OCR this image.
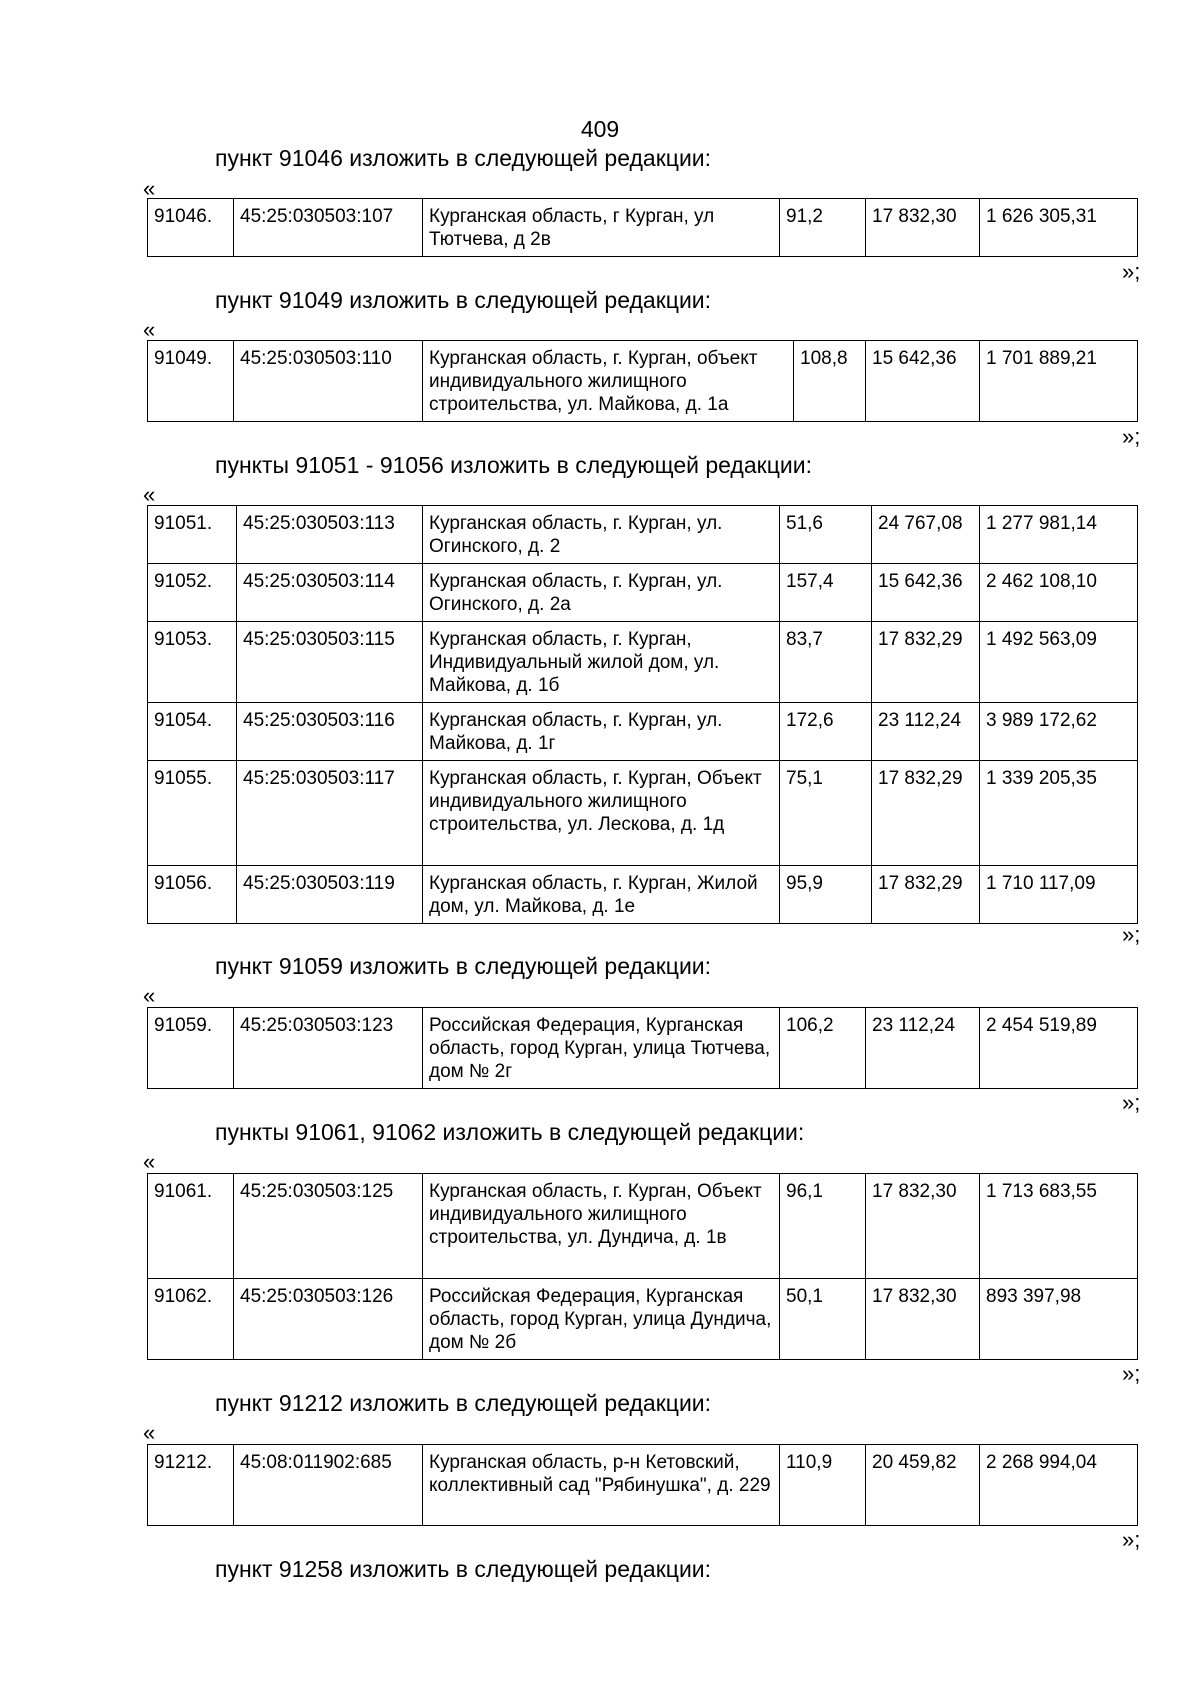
409
пункт 91046 изложить в следующей редакции:
«
91046.	45:25:030503:107	Курганская область, г Курган, ул Тютчева, д 2в	91,2	17 832,30	1 626 305,31
»;
пункт 91049 изложить в следующей редакции:
«
91049.	45:25:030503:110	Курганская область, г. Курган, объект индивидуального жилищного строительства, ул. Майкова, д. 1а	108,8	15 642,36	1 701 889,21
»;
пункты 91051 - 91056 изложить в следующей редакции:
«
91051.	45:25:030503:113	Курганская область, г. Курган, ул. Огинского, д. 2	51,6	24 767,08	1 277 981,14
91052.	45:25:030503:114	Курганская область, г. Курган, ул. Огинского, д. 2а	157,4	15 642,36	2 462 108,10
91053.	45:25:030503:115	Курганская область, г. Курган, Индивидуальный жилой дом, ул. Майкова, д. 1б	83,7	17 832,29	1 492 563,09
91054.	45:25:030503:116	Курганская область, г. Курган, ул. Майкова, д. 1г	172,6	23 112,24	3 989 172,62
91055.	45:25:030503:117	Курганская область, г. Курган, Объект индивидуального жилищного строительства, ул. Лескова, д. 1д	75,1	17 832,29	1 339 205,35
91056.	45:25:030503:119	Курганская область, г. Курган, Жилой дом, ул. Майкова, д. 1е	95,9	17 832,29	1 710 117,09
»;
пункт 91059 изложить в следующей редакции:
«
91059.	45:25:030503:123	Российская Федерация, Курганская область, город Курган, улица Тютчева, дом № 2г	106,2	23 112,24	2 454 519,89
»;
пункты 91061, 91062 изложить в следующей редакции:
«
91061.	45:25:030503:125	Курганская область, г. Курган, Объект индивидуального жилищного строительства, ул. Дундича, д. 1в	96,1	17 832,30	1 713 683,55
91062.	45:25:030503:126	Российская Федерация, Курганская область, город Курган, улица Дундича, дом № 2б	50,1	17 832,30	893 397,98
»;
пункт 91212 изложить в следующей редакции:
«
91212.	45:08:011902:685	Курганская область, р-н Кетовский, коллективный сад "Рябинушка", д. 229	110,9	20 459,82	2 268 994,04
»;
пункт 91258 изложить в следующей редакции:
